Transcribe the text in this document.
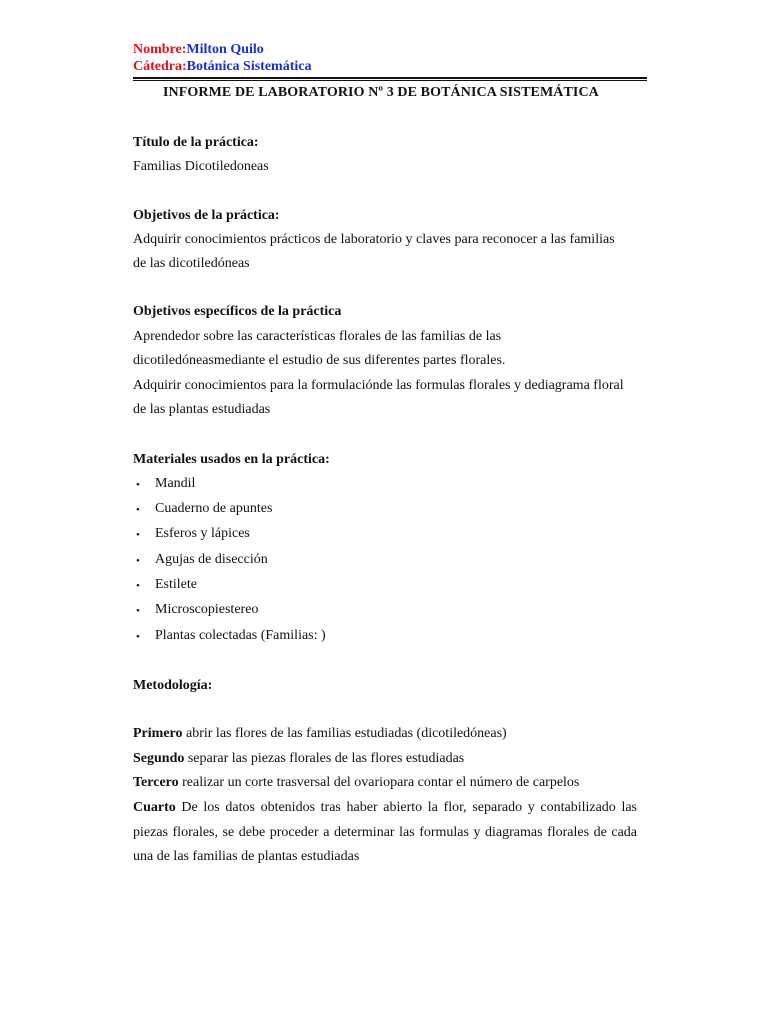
Nombre:Milton Quilo
Cátedra:Botánica Sistemática
INFORME DE LABORATORIO Nº 3 DE BOTÁNICA SISTEMÁTICA
Título de la práctica:
Familias Dicotiledoneas
Objetivos de la práctica:
Adquirir conocimientos prácticos de laboratorio y claves para reconocer a las familias
de las dicotiledóneas
Objetivos específicos de la práctica
Aprendedor sobre las características florales de las familias de las
dicotiledóneasmediante el estudio de sus diferentes partes florales.
Adquirir conocimientos para la formulaciónde las formulas florales y dediagrama floral
de las plantas estudiadas
Materiales usados en la práctica:
• Mandil
• Cuaderno de apuntes
• Esferos y lápices
• Agujas de disección
• Estilete
• Microscopiestereo
• Plantas colectadas (Familias: )
Metodología:
Primero abrir las flores de las familias estudiadas (dicotiledóneas)
Segundo separar las piezas florales de las flores estudiadas
Tercero realizar un corte trasversal del ovariopara contar el número de carpelos
Cuarto De los datos obtenidos tras haber abierto la flor, separado y contabilizado las
piezas florales, se debe proceder a determinar las formulas y diagramas florales de cada
una de las familias de plantas estudiadas
